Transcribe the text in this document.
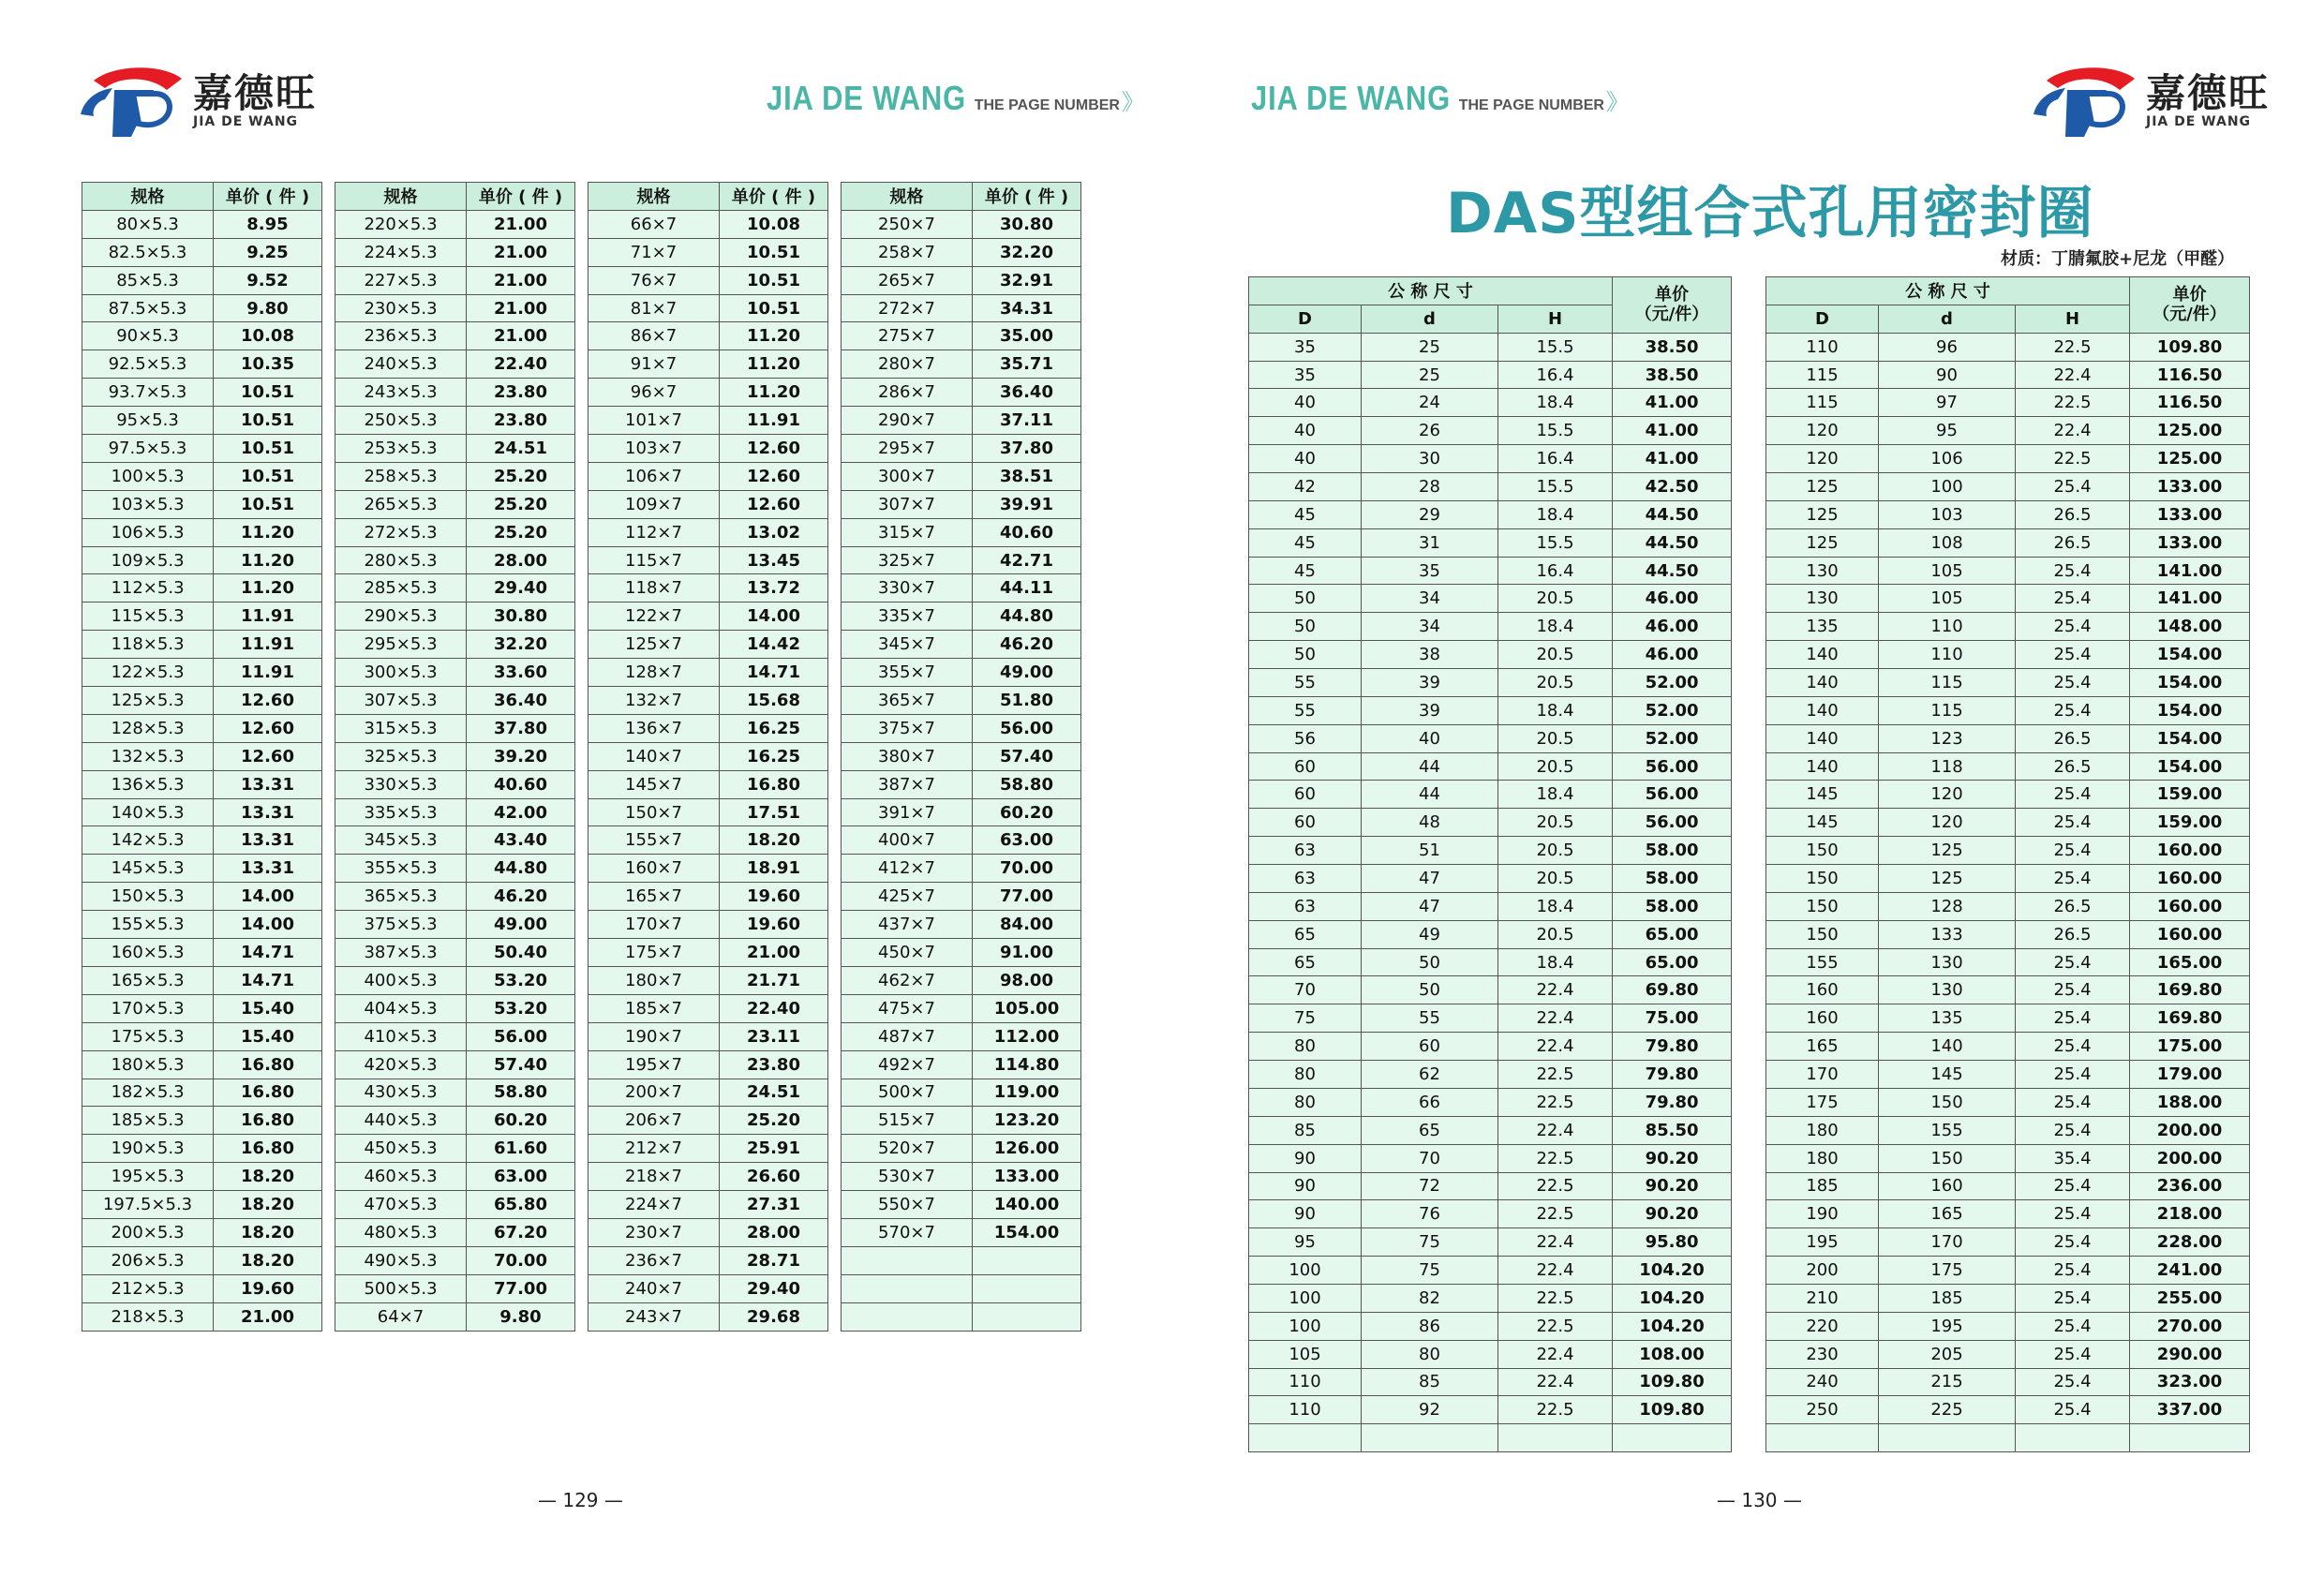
嘉德旺
JIA DE WANG
JIA DE WANG THE PAGE NUMBER 》	JIA DE WANG THE PAGE NUMBER 》	嘉德旺
JIA DE WANG
规格	单价 ( 件 )
80×5.3	8.95
82.5×5.3	9.25
85×5.3	9.52
87.5×5.3	9.80
90×5.3	10.08
92.5×5.3	10.35
93.7×5.3	10.51
95×5.3	10.51
97.5×5.3	10.51
100×5.3	10.51
103×5.3	10.51
106×5.3	11.20
109×5.3	11.20
112×5.3	11.20
115×5.3	11.91
118×5.3	11.91
122×5.3	11.91
125×5.3	12.60
128×5.3	12.60
132×5.3	12.60
136×5.3	13.31
140×5.3	13.31
142×5.3	13.31
145×5.3	13.31
150×5.3	14.00
155×5.3	14.00
160×5.3	14.71
165×5.3	14.71
170×5.3	15.40
175×5.3	15.40
180×5.3	16.80
182×5.3	16.80
185×5.3	16.80
190×5.3	16.80
195×5.3	18.20
197.5×5.3	18.20
200×5.3	18.20
206×5.3	18.20
212×5.3	19.60
218×5.3	21.00
规格	单价 ( 件 )
220×5.3	21.00
224×5.3	21.00
227×5.3	21.00
230×5.3	21.00
236×5.3	21.00
240×5.3	22.40
243×5.3	23.80
250×5.3	23.80
253×5.3	24.51
258×5.3	25.20
265×5.3	25.20
272×5.3	25.20
280×5.3	28.00
285×5.3	29.40
290×5.3	30.80
295×5.3	32.20
300×5.3	33.60
307×5.3	36.40
315×5.3	37.80
325×5.3	39.20
330×5.3	40.60
335×5.3	42.00
345×5.3	43.40
355×5.3	44.80
365×5.3	46.20
375×5.3	49.00
387×5.3	50.40
400×5.3	53.20
404×5.3	53.20
410×5.3	56.00
420×5.3	57.40
430×5.3	58.80
440×5.3	60.20
450×5.3	61.60
460×5.3	63.00
470×5.3	65.80
480×5.3	67.20
490×5.3	70.00
500×5.3	77.00
64×7	9.80
规格	单价 ( 件 )
66×7	10.08
71×7	10.51
76×7	10.51
81×7	10.51
86×7	11.20
91×7	11.20
96×7	11.20
101×7	11.91
103×7	12.60
106×7	12.60
109×7	12.60
112×7	13.02
115×7	13.45
118×7	13.72
122×7	14.00
125×7	14.42
128×7	14.71
132×7	15.68
136×7	16.25
140×7	16.25
145×7	16.80
150×7	17.51
155×7	18.20
160×7	18.91
165×7	19.60
170×7	19.60
175×7	21.00
180×7	21.71
185×7	22.40
190×7	23.11
195×7	23.80
200×7	24.51
206×7	25.20
212×7	25.91
218×7	26.60
224×7	27.31
230×7	28.00
236×7	28.71
240×7	29.40
243×7	29.68
规格	单价 ( 件 )
250×7	30.80
258×7	32.20
265×7	32.91
272×7	34.31
275×7	35.00
280×7	35.71
286×7	36.40
290×7	37.11
295×7	37.80
300×7	38.51
307×7	39.91
315×7	40.60
325×7	42.71
330×7	44.11
335×7	44.80
345×7	46.20
355×7	49.00
365×7	51.80
375×7	56.00
380×7	57.40
387×7	58.80
391×7	60.20
400×7	63.00
412×7	70.00
425×7	77.00
437×7	84.00
450×7	91.00
462×7	98.00
475×7	105.00
487×7	112.00
492×7	114.80
500×7	119.00
515×7	123.20
520×7	126.00
530×7	133.00
550×7	140.00
570×7	154.00

— 129 —
DAS型组合式孔用密封圈
材质：丁腈氟胶+尼龙（甲醛）
公 称 尺 寸			单价
（元/件）
D	d	H	
35	25	15.5	38.50
35	25	16.4	38.50
40	24	18.4	41.00
40	26	15.5	41.00
40	30	16.4	41.00
42	28	15.5	42.50
45	29	18.4	44.50
45	31	15.5	44.50
45	35	16.4	44.50
50	34	20.5	46.00
50	34	18.4	46.00
50	38	20.5	46.00
55	39	20.5	52.00
55	39	18.4	52.00
56	40	20.5	52.00
60	44	20.5	56.00
60	44	18.4	56.00
60	48	20.5	56.00
63	51	20.5	58.00
63	47	20.5	58.00
63	47	18.4	58.00
65	49	20.5	65.00
65	50	18.4	65.00
70	50	22.4	69.80
75	55	22.4	75.00
80	60	22.4	79.80
80	62	22.5	79.80
80	66	22.5	79.80
85	65	22.4	85.50
90	70	22.5	90.20
90	72	22.5	90.20
90	76	22.5	90.20
95	75	22.4	95.80
100	75	22.4	104.20
100	82	22.5	104.20
100	86	22.5	104.20
105	80	22.4	108.00
110	85	22.4	109.80
110	92	22.5	109.80

公 称 尺 寸			单价
（元/件）
D	d	H	
110	96	22.5	109.80
115	90	22.4	116.50
115	97	22.5	116.50
120	95	22.4	125.00
120	106	22.5	125.00
125	100	25.4	133.00
125	103	26.5	133.00
125	108	26.5	133.00
130	105	25.4	141.00
130	105	25.4	141.00
135	110	25.4	148.00
140	110	25.4	154.00
140	115	25.4	154.00
140	115	25.4	154.00
140	123	26.5	154.00
140	118	26.5	154.00
145	120	25.4	159.00
145	120	25.4	159.00
150	125	25.4	160.00
150	125	25.4	160.00
150	128	26.5	160.00
150	133	26.5	160.00
155	130	25.4	165.00
160	130	25.4	169.80
160	135	25.4	169.80
165	140	25.4	175.00
170	145	25.4	179.00
175	150	25.4	188.00
180	155	25.4	200.00
180	150	35.4	200.00
185	160	25.4	236.00
190	165	25.4	218.00
195	170	25.4	228.00
200	175	25.4	241.00
210	185	25.4	255.00
220	195	25.4	270.00
230	205	25.4	290.00
240	215	25.4	323.00
250	225	25.4	337.00

— 130 —
